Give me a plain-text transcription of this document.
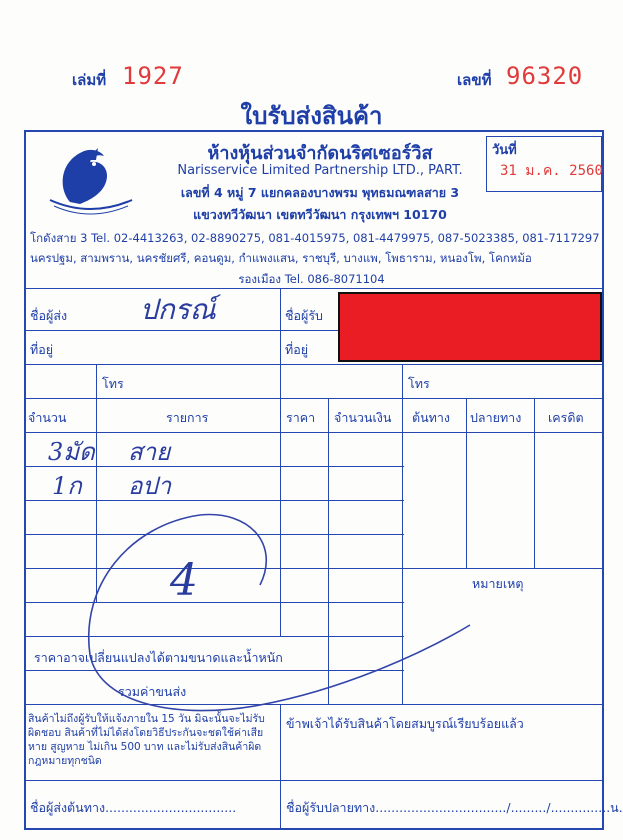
เล่มที่ 1927	เลขที่ 96320
ใบรับส่งสินค้า
ห้างหุ้นส่วนจำกัดนริศเซอร์วิส
Narisservice Limited Partnership LTD., PART.
เลขที่ 4 หมู่ 7 แยกคลองบางพรม พุทธมณฑลสาย 3
แขวงทวีวัฒนา เขตทวีวัฒนา กรุงเทพฯ 10170
โกดังสาย 3 Tel. 02-4413263, 02-8890275, 081-4015975, 081-4479975, 087-5023385, 081-7117297
นครปฐม, สามพราน, นครชัยศรี, คอนดูม, กำแพงแสน, ราชบุรี, บางแพ, โพธาราม, หนองโพ, โคกหม้อ
รองเมือง Tel. 086-8071104
วันที่
31 ม.ค. 2560
ชื่อผู้ส่ง	ปกรณ์
ที่อยู่
โทร
ชื่อผู้รับ
ที่อยู่
โทร
จำนวน	รายการ	ราคา จำนวนเงิน ต้นทาง ปลายทาง เครดิต
3มัด สาย
1ก อปา
4	หมายเหตุ
ราคาอาจเปลี่ยนแปลงได้ตามขนาดและน้ำหนัก
รวมค่าขนส่ง
สินค้าไม่ถึงผู้รับให้แจ้งภายใน 15 วัน มิฉะนั้นจะไม่รับผิดชอบ สินค้าที่ไม่ได้ส่งโดยวิธีประกันจะชดใช้ค่าเสียหาย สูญหาย ไม่เกิน 500 บาท และไม่รับส่งสินค้าผิดกฎหมายทุกชนิด
ข้าพเจ้าได้รับสินค้าโดยสมบูรณ์เรียบร้อยแล้ว
ชื่อผู้ส่งต้นทาง.................................	ชื่อผู้รับปลายทาง................................./........./...............น.
